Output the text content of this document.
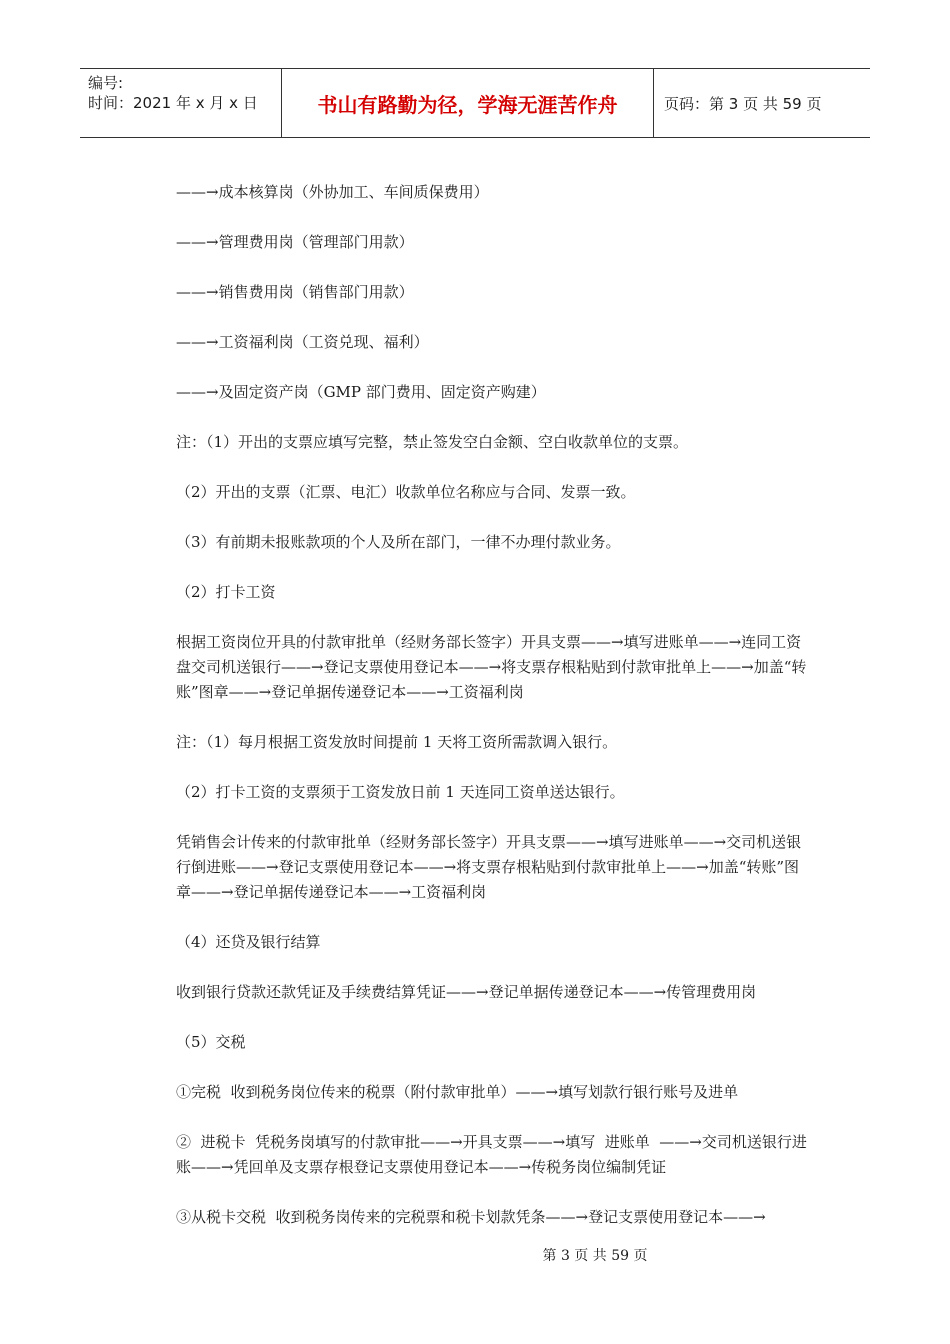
编号:
时间：2021 年 x 月 x 日	书山有路勤为径，学海无涯苦作舟	页码：第 3 页 共 59 页

——→成本核算岗（外协加工、车间质保费用）

——→管理费用岗（管理部门用款）

——→销售费用岗（销售部门用款）

——→工资福利岗（工资兑现、福利）

——→及固定资产岗（GMP 部门费用、固定资产购建）

注：（1）开出的支票应填写完整，禁止签发空白金额、空白收款单位的支票。

（2）开出的支票（汇票、电汇）收款单位名称应与合同、发票一致。

（3）有前期未报账款项的个人及所在部门，一律不办理付款业务。

（2）打卡工资

根据工资岗位开具的付款审批单（经财务部长签字）开具支票——→填写进账单——→连同工资盘交司机送银行——→登记支票使用登记本——→将支票存根粘贴到付款审批单上——→加盖“转账”图章——→登记单据传递登记本——→工资福利岗

注：（1）每月根据工资发放时间提前 1 天将工资所需款调入银行。

（2）打卡工资的支票须于工资发放日前 1 天连同工资单送达银行。

凭销售会计传来的付款审批单（经财务部长签字）开具支票——→填写进账单——→交司机送银行倒进账——→登记支票使用登记本——→将支票存根粘贴到付款审批单上——→加盖“转账”图章——→登记单据传递登记本——→工资福利岗

（4）还贷及银行结算

收到银行贷款还款凭证及手续费结算凭证——→登记单据传递登记本——→传管理费用岗

（5）交税

①完税  收到税务岗位传来的税票（附付款审批单）——→填写划款行银行账号及进单

②  进税卡  凭税务岗填写的付款审批——→开具支票——→填写  进账单  ——→交司机送银行进账——→凭回单及支票存根登记支票使用登记本——→传税务岗位编制凭证

③从税卡交税  收到税务岗传来的完税票和税卡划款凭条——→登记支票使用登记本——→

第 3 页 共 59 页
